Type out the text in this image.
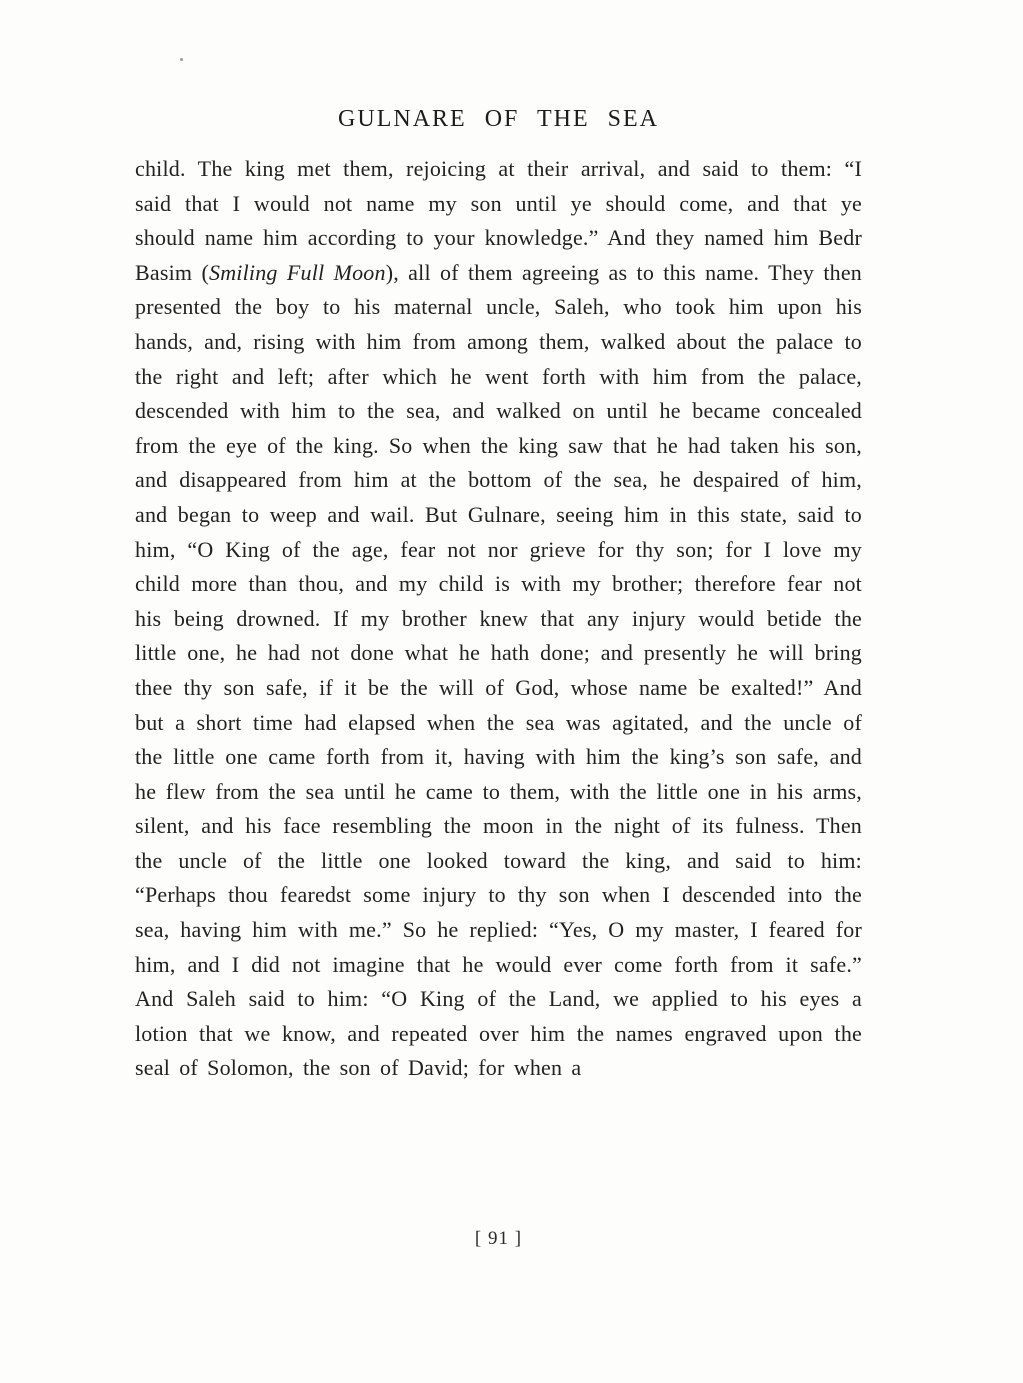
GULNARE OF THE SEA

child. The king met them, rejoicing at their arrival, and said to them: “I said that I would not name my son until ye should come, and that ye should name him according to your knowledge.” And they named him Bedr Basim (Smiling Full Moon), all of them agreeing as to this name. They then presented the boy to his maternal uncle, Saleh, who took him upon his hands, and, rising with him from among them, walked about the palace to the right and left; after which he went forth with him from the palace, descended with him to the sea, and walked on until he became concealed from the eye of the king. So when the king saw that he had taken his son, and disappeared from him at the bottom of the sea, he despaired of him, and began to weep and wail. But Gulnare, seeing him in this state, said to him, “O King of the age, fear not nor grieve for thy son; for I love my child more than thou, and my child is with my brother; therefore fear not his being drowned. If my brother knew that any injury would betide the little one, he had not done what he hath done; and presently he will bring thee thy son safe, if it be the will of God, whose name be exalted!” And but a short time had elapsed when the sea was agitated, and the uncle of the little one came forth from it, having with him the king’s son safe, and he flew from the sea until he came to them, with the little one in his arms, silent, and his face resembling the moon in the night of its fulness. Then the uncle of the little one looked toward the king, and said to him: “Perhaps thou fearedst some injury to thy son when I descended into the sea, having him with me.” So he replied: “Yes, O my master, I feared for him, and I did not imagine that he would ever come forth from it safe.” And Saleh said to him: “O King of the Land, we applied to his eyes a lotion that we know, and repeated over him the names engraved upon the seal of Solomon, the son of David; for when a

[ 91 ]
